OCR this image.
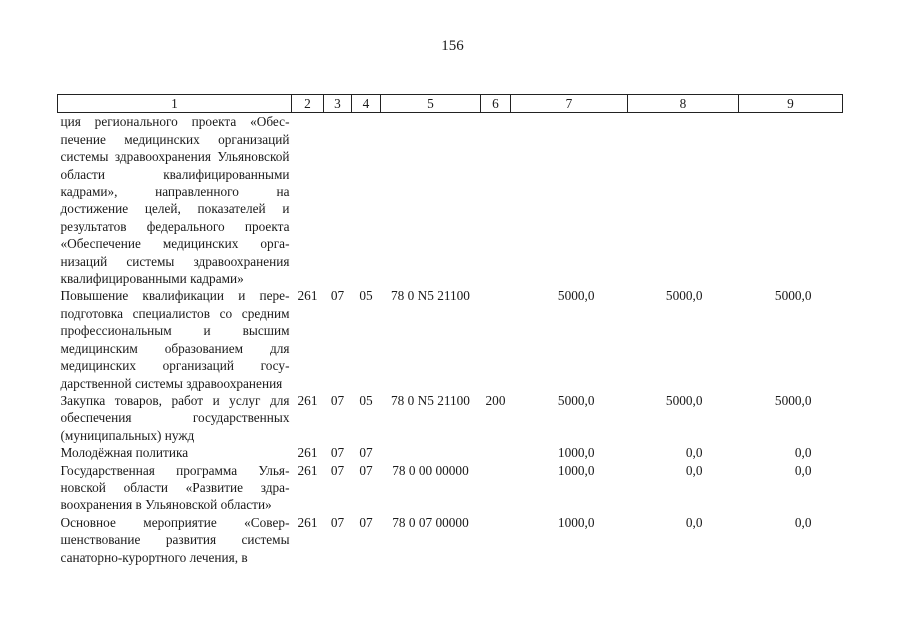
156
1	2	3	4	5	6	7	8	9
ция регионального проекта «Обеспечение медицинских организаций системы здравоохранения Ульяновской области квалифицированными кадрами», направленного на достижение целей, показателей и результатов федерального проекта «Обеспечение медицинских организаций системы здравоохранения квалифицированными кадрами»								
Повышение квалификации и переподготовка специалистов со средним профессиональным и высшим медицинским образованием для медицинских организаций государственной системы здравоохранения	261	07	05	78 0 N5 21100		5000,0	5000,0	5000,0
Закупка товаров, работ и услуг для обеспечения государственных (муниципальных) нужд	261	07	05	78 0 N5 21100	200	5000,0	5000,0	5000,0
Молодёжная политика	261	07	07			1000,0	0,0	0,0
Государственная программа Ульяновской области «Развитие здравоохранения в Ульяновской области»	261	07	07	78 0 00 00000		1000,0	0,0	0,0
Основное мероприятие «Совершенствование развития системы санаторно-курортного лечения, в	261	07	07	78 0 07 00000		1000,0	0,0	0,0
